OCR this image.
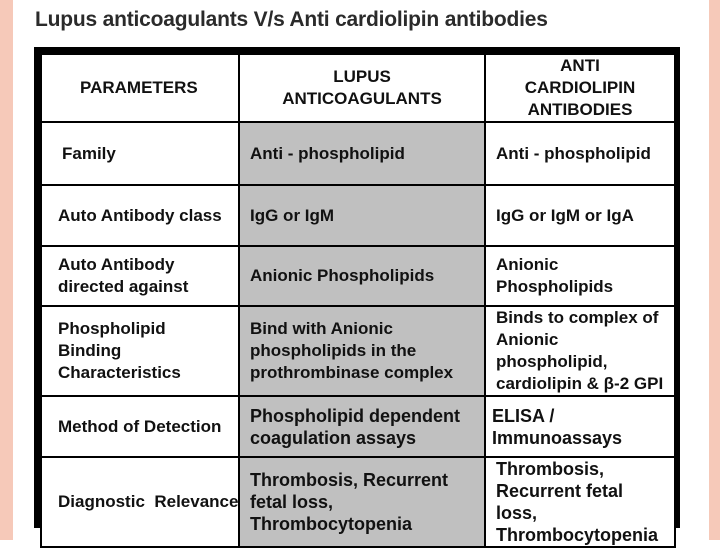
Lupus anticoagulants V/s Anti cardiolipin antibodies
PARAMETERS	LUPUS ANTICOAGULANTS	ANTI CARDIOLIPIN ANTIBODIES
Family	Anti - phospholipid	Anti - phospholipid
Auto Antibody class	IgG or IgM	IgG or IgM or IgA
Auto Antibody directed against	Anionic Phospholipids	Anionic Phospholipids
Phospholipid Binding Characteristics	Bind with Anionic phospholipids in the prothrombinase complex	Binds to complex of Anionic phospholipid, cardiolipin & β-2 GPI
Method of Detection	Phospholipid dependent coagulation assays	ELISA / Immunoassays
Diagnostic  Relevance	Thrombosis, Recurrent fetal loss, Thrombocytopenia	Thrombosis, Recurrent fetal loss, Thrombocytopenia
